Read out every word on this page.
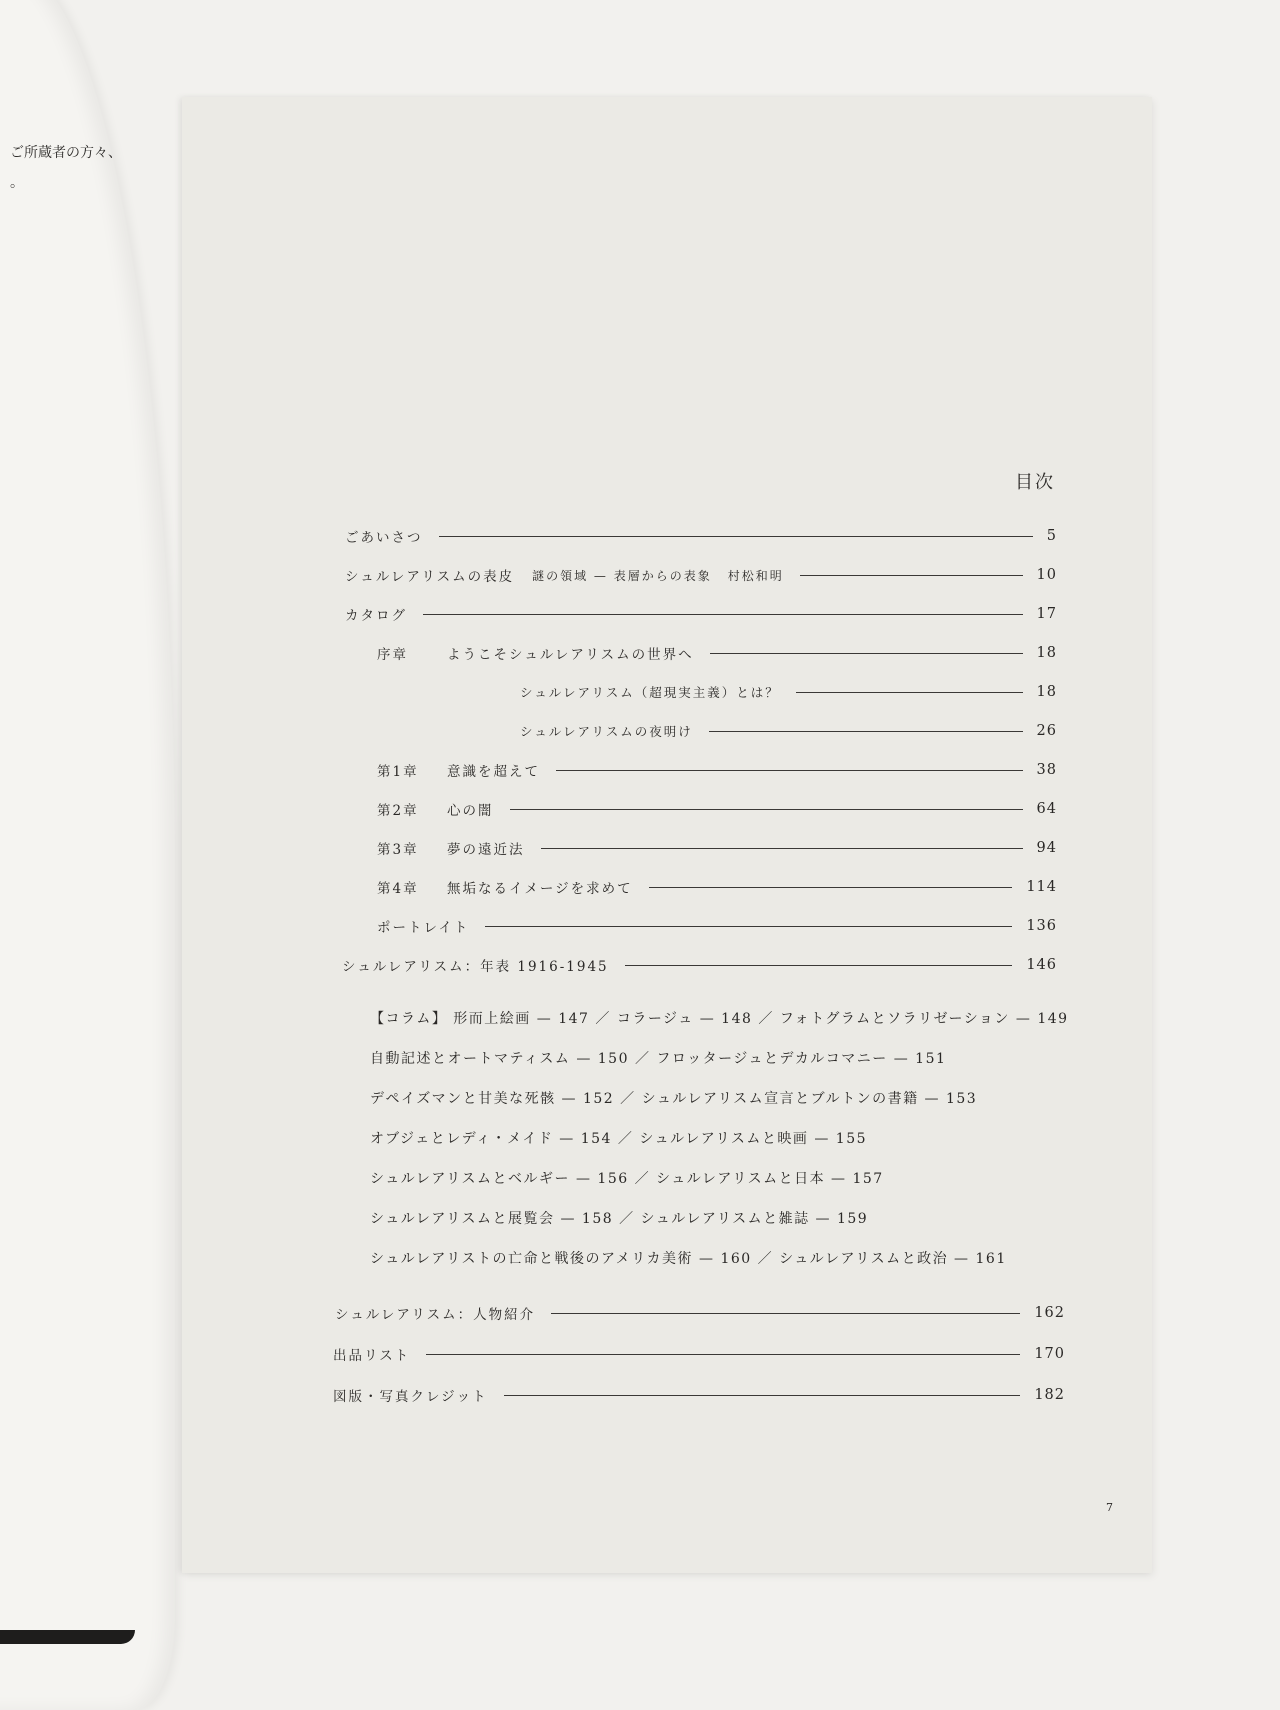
ご所蔵者の方々、
。
目次
ごあいさつ	5
シュルレアリスムの表皮 謎の領域 — 表層からの表象 村松和明	10
カタログ	17
序章	ようこそシュルレアリスムの世界へ	18
シュルレアリスム（超現実主義）とは？	18
シュルレアリスムの夜明け	26
第1章	意識を超えて	38
第2章	心の闇	64
第3章	夢の遠近法	94
第4章	無垢なるイメージを求めて	114
ポートレイト	136
シュルレアリスム：年表 1916-1945	146
【コラム】 形而上絵画 — 147 ／ コラージュ — 148 ／ フォトグラムとソラリゼーション — 149
自動記述とオートマティスム — 150 ／ フロッタージュとデカルコマニー — 151
デペイズマンと甘美な死骸 — 152 ／ シュルレアリスム宣言とブルトンの書籍 — 153
オブジェとレディ・メイド — 154 ／ シュルレアリスムと映画 — 155
シュルレアリスムとベルギー — 156 ／ シュルレアリスムと日本 — 157
シュルレアリスムと展覧会 — 158 ／ シュルレアリスムと雑誌 — 159
シュルレアリストの亡命と戦後のアメリカ美術 — 160 ／ シュルレアリスムと政治 — 161
シュルレアリスム：人物紹介	162
出品リスト	170
図版・写真クレジット	182
7
